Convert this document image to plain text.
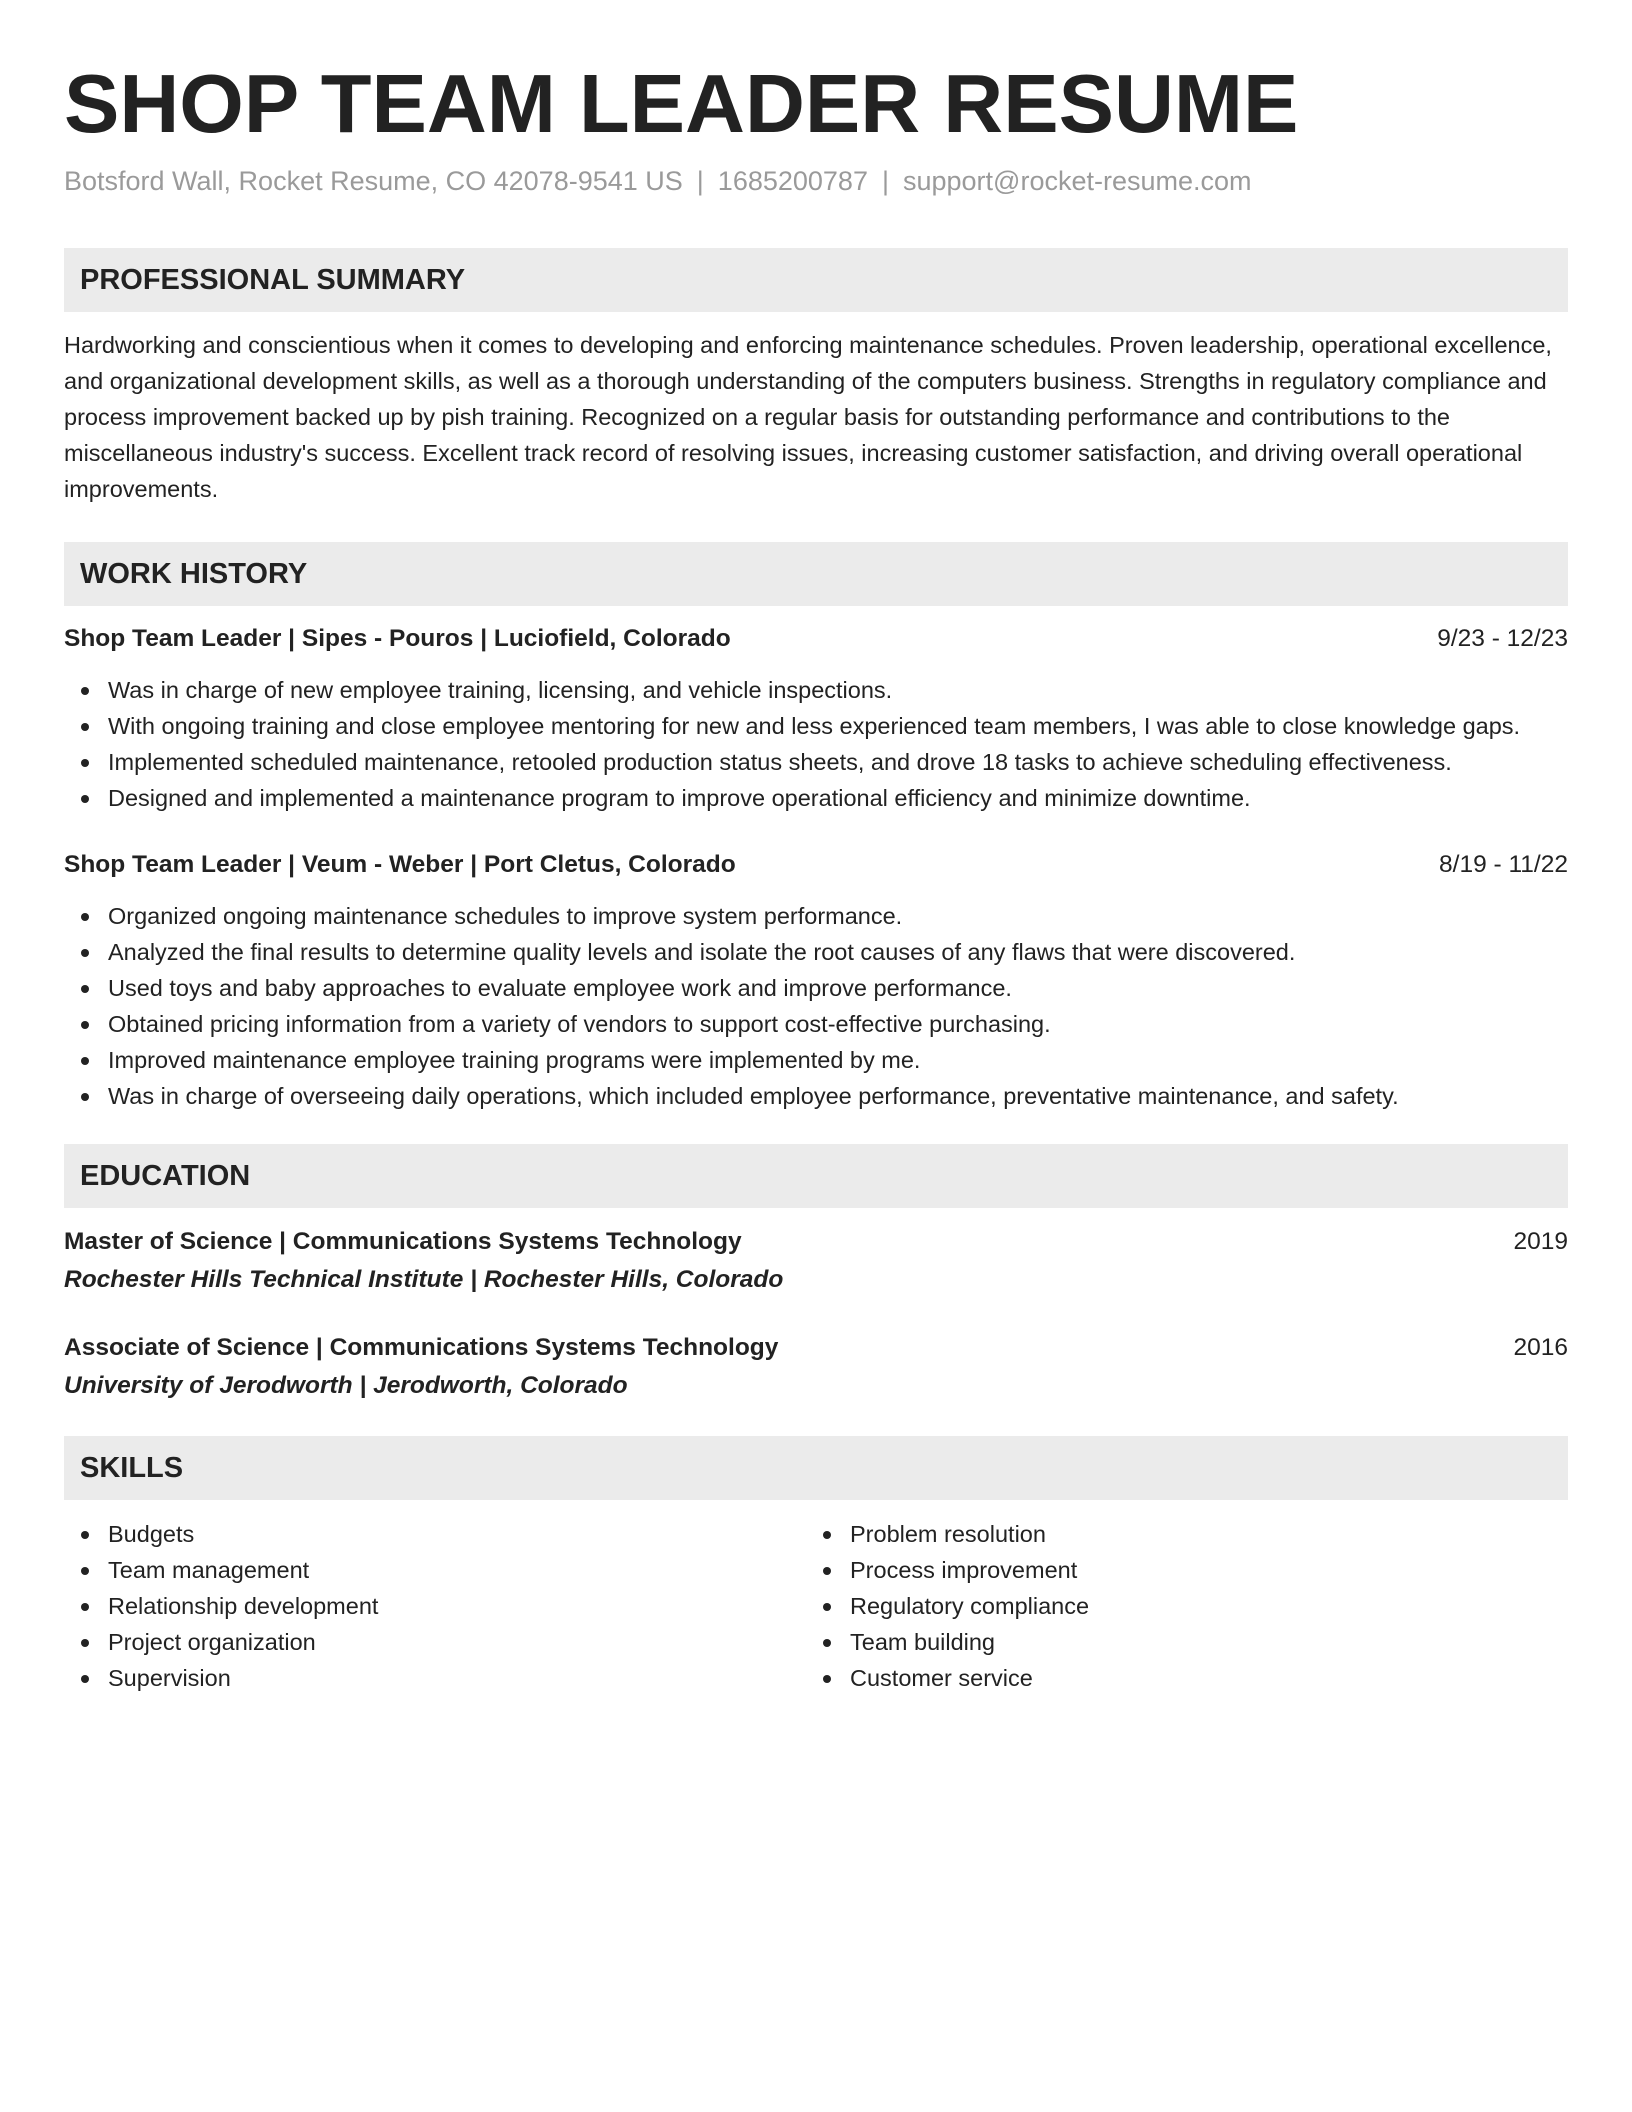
SHOP TEAM LEADER RESUME
Botsford Wall, Rocket Resume, CO 42078-9541 US | 1685200787 | support@rocket-resume.com
PROFESSIONAL SUMMARY
Hardworking and conscientious when it comes to developing and enforcing maintenance schedules. Proven leadership, operational excellence, and organizational development skills, as well as a thorough understanding of the computers business. Strengths in regulatory compliance and process improvement backed up by pish training. Recognized on a regular basis for outstanding performance and contributions to the miscellaneous industry's success. Excellent track record of resolving issues, increasing customer satisfaction, and driving overall operational improvements.
WORK HISTORY
Shop Team Leader | Sipes - Pouros | Luciofield, Colorado	9/23 - 12/23
Was in charge of new employee training, licensing, and vehicle inspections.
With ongoing training and close employee mentoring for new and less experienced team members, I was able to close knowledge gaps.
Implemented scheduled maintenance, retooled production status sheets, and drove 18 tasks to achieve scheduling effectiveness.
Designed and implemented a maintenance program to improve operational efficiency and minimize downtime.
Shop Team Leader | Veum - Weber | Port Cletus, Colorado	8/19 - 11/22
Organized ongoing maintenance schedules to improve system performance.
Analyzed the final results to determine quality levels and isolate the root causes of any flaws that were discovered.
Used toys and baby approaches to evaluate employee work and improve performance.
Obtained pricing information from a variety of vendors to support cost-effective purchasing.
Improved maintenance employee training programs were implemented by me.
Was in charge of overseeing daily operations, which included employee performance, preventative maintenance, and safety.
EDUCATION
Master of Science | Communications Systems Technology	2019
Rochester Hills Technical Institute | Rochester Hills, Colorado
Associate of Science | Communications Systems Technology	2016
University of Jerodworth | Jerodworth, Colorado
SKILLS
Budgets
Team management
Relationship development
Project organization
Supervision
Problem resolution
Process improvement
Regulatory compliance
Team building
Customer service
